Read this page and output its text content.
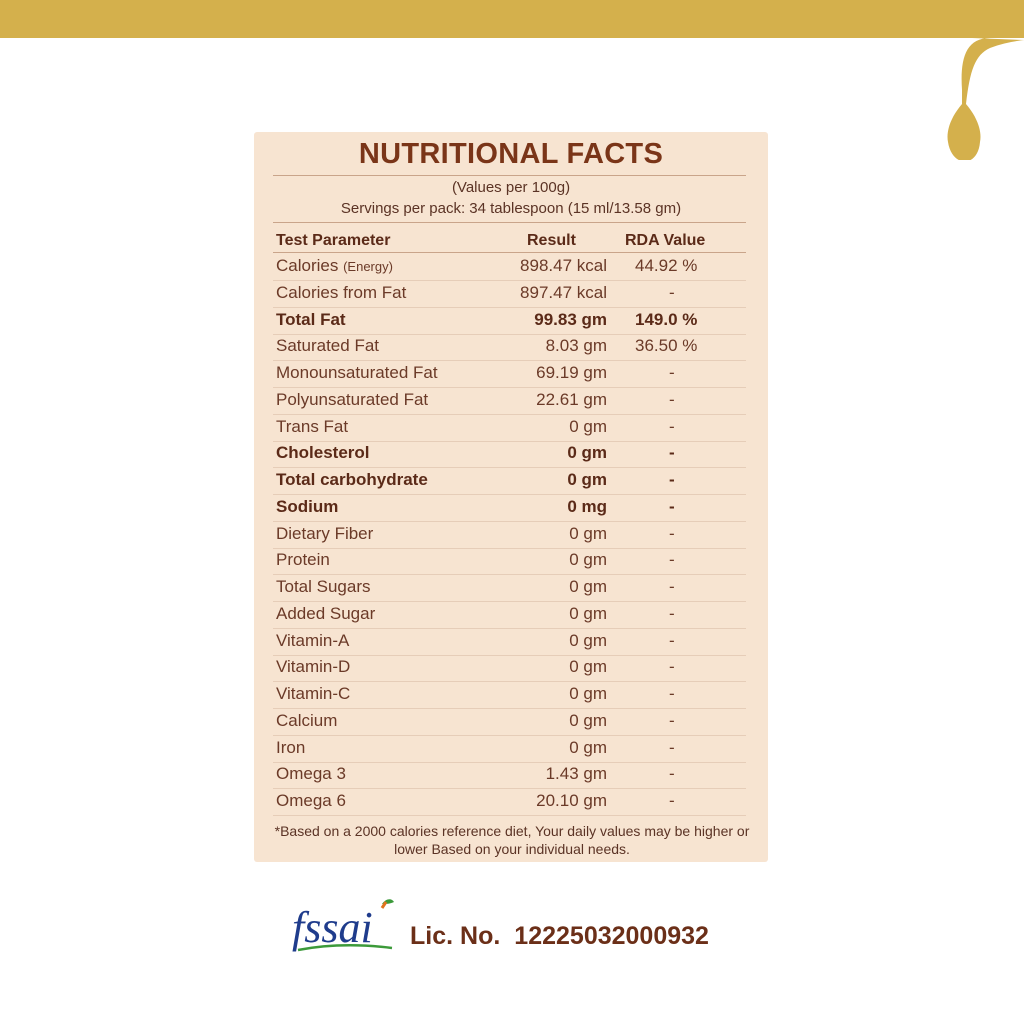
NUTRITIONAL FACTS
(Values per 100g)
Servings per pack: 34 tablespoon (15 ml/13.58 gm)
Test Parameter	Result	RDA Value
Calories (Energy)	898.47 kcal 44.92 %
Calories from Fat	897.47 kcal	-
Total Fat	99.83 gm 149.0 %
Saturated Fat	8.03 gm 36.50 %
Monounsaturated Fat	69.19 gm	-
Polyunsaturated Fat	22.61 gm	-
Trans Fat	0 gm	-
Cholesterol	0 gm	-
Total carbohydrate	0 gm	-
Sodium	0 mg	-
Dietary Fiber	0 gm	-
Protein	0 gm	-
Total Sugars	0 gm	-
Added Sugar	0 gm	-
Vitamin-A	0 gm	-
Vitamin-D	0 gm	-
Vitamin-C	0 gm	-
Calcium	0 gm	-
Iron	0 gm	-
Omega 3	1.43 gm	-
Omega 6	20.10 gm	-
*Based on a 2000 calories reference diet, Your daily values may be higher or lower Based on your individual needs.
fssai Lic. No. 12225032000932
